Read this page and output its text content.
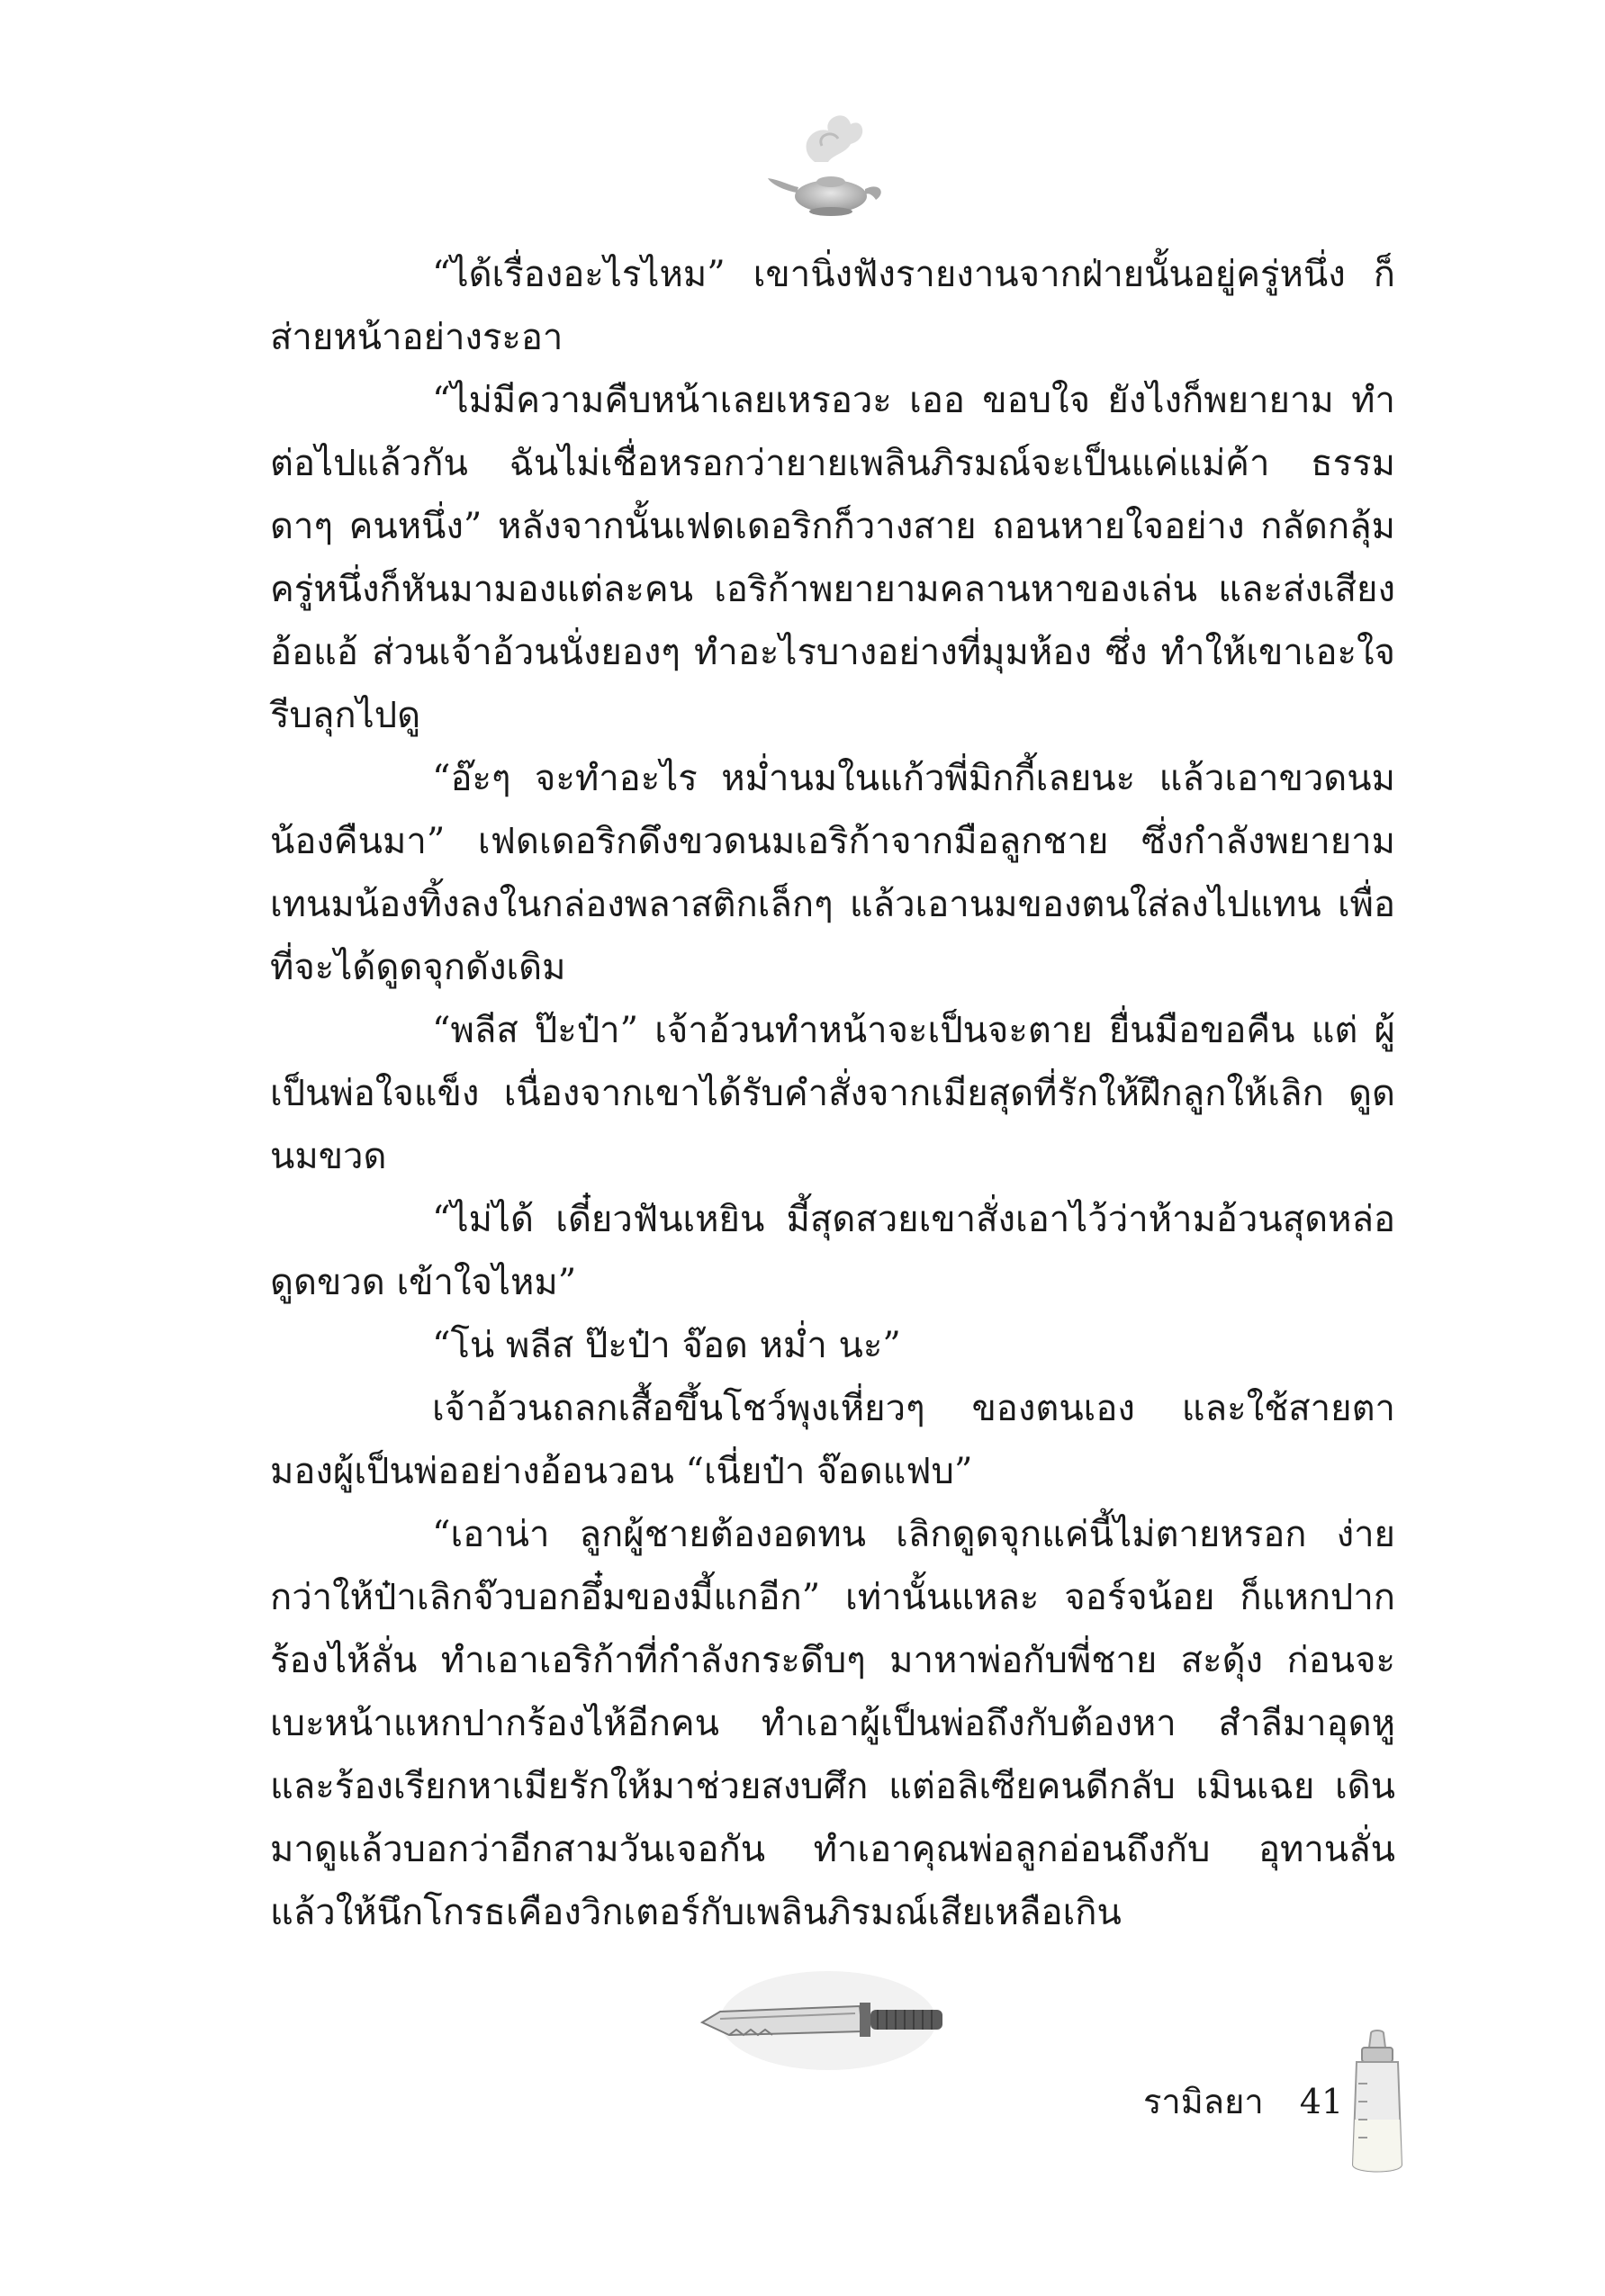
“ได้เรื่องอะไรไหม” เขานิ่งฟังรายงานจากฝ่ายนั้นอยู่ครู่หนึ่ง ก็ส่ายหน้าอย่างระอา

“ไม่มีความคืบหน้าเลยเหรอวะ เออ ขอบใจ ยังไงก็พยายาม ทำต่อไปแล้วกัน ฉันไม่เชื่อหรอกว่ายายเพลินภิรมณ์จะเป็นแค่แม่ค้า ธรรมดาๆ คนหนึ่ง” หลังจากนั้นเฟดเดอริกก็วางสาย ถอนหายใจอย่าง กลัดกลุ้ม ครู่หนึ่งก็หันมามองแต่ละคน เอริก้าพยายามคลานหาของเล่น และส่งเสียงอ้อแอ้ ส่วนเจ้าอ้วนนั่งยองๆ ทำอะไรบางอย่างที่มุมห้อง ซึ่ง ทำให้เขาเอะใจ รีบลุกไปดู

“อ๊ะๆ จะทำอะไร หม่ำนมในแก้วพี่มิกกี้เลยนะ แล้วเอาขวดนม น้องคืนมา” เฟดเดอริกดึงขวดนมเอริก้าจากมือลูกชาย ซึ่งกำลังพยายาม เทนมน้องทิ้งลงในกล่องพลาสติกเล็กๆ แล้วเอานมของตนใส่ลงไปแทน เพื่อที่จะได้ดูดจุกดังเดิม

“พลีส ป๊ะป๋า” เจ้าอ้วนทำหน้าจะเป็นจะตาย ยื่นมือขอคืน แต่ ผู้เป็นพ่อใจแข็ง เนื่องจากเขาได้รับคำสั่งจากเมียสุดที่รักให้ฝึกลูกให้เลิก ดูดนมขวด

“ไม่ได้ เดี๋ยวฟันเหยิน มี้สุดสวยเขาสั่งเอาไว้ว่าห้ามอ้วนสุดหล่อ ดูดขวด เข้าใจไหม”

“โน่ พลีส ป๊ะป๋า จ๊อด หม่ำ นะ”

เจ้าอ้วนถลกเสื้อขึ้นโชว์พุงเหี่ยวๆ ของตนเอง และใช้สายตา มองผู้เป็นพ่ออย่างอ้อนวอน “เนี่ยป๋า จ๊อดแฟบ”

“เอาน่า ลูกผู้ชายต้องอดทน เลิกดูดจุกแค่นี้ไม่ตายหรอก ง่ายกว่าให้ป๋าเลิกจ๊วบอกอึ๋มของมี้แกอีก” เท่านั้นแหละ จอร์จน้อย ก็แหกปากร้องไห้ลั่น ทำเอาเอริก้าที่กำลังกระดึบๆ มาหาพ่อกับพี่ชาย สะดุ้ง ก่อนจะเบะหน้าแหกปากร้องไห้อีกคน ทำเอาผู้เป็นพ่อถึงกับต้องหา สำลีมาอุดหู และร้องเรียกหาเมียรักให้มาช่วยสงบศึก แต่อลิเซียคนดีกลับ เมินเฉย เดินมาดูแล้วบอกว่าอีกสามวันเจอกัน ทำเอาคุณพ่อลูกอ่อนถึงกับ อุทานลั่น แล้วให้นึกโกรธเคืองวิกเตอร์กับเพลินภิรมณ์เสียเหลือเกิน

รามิลยา 41
